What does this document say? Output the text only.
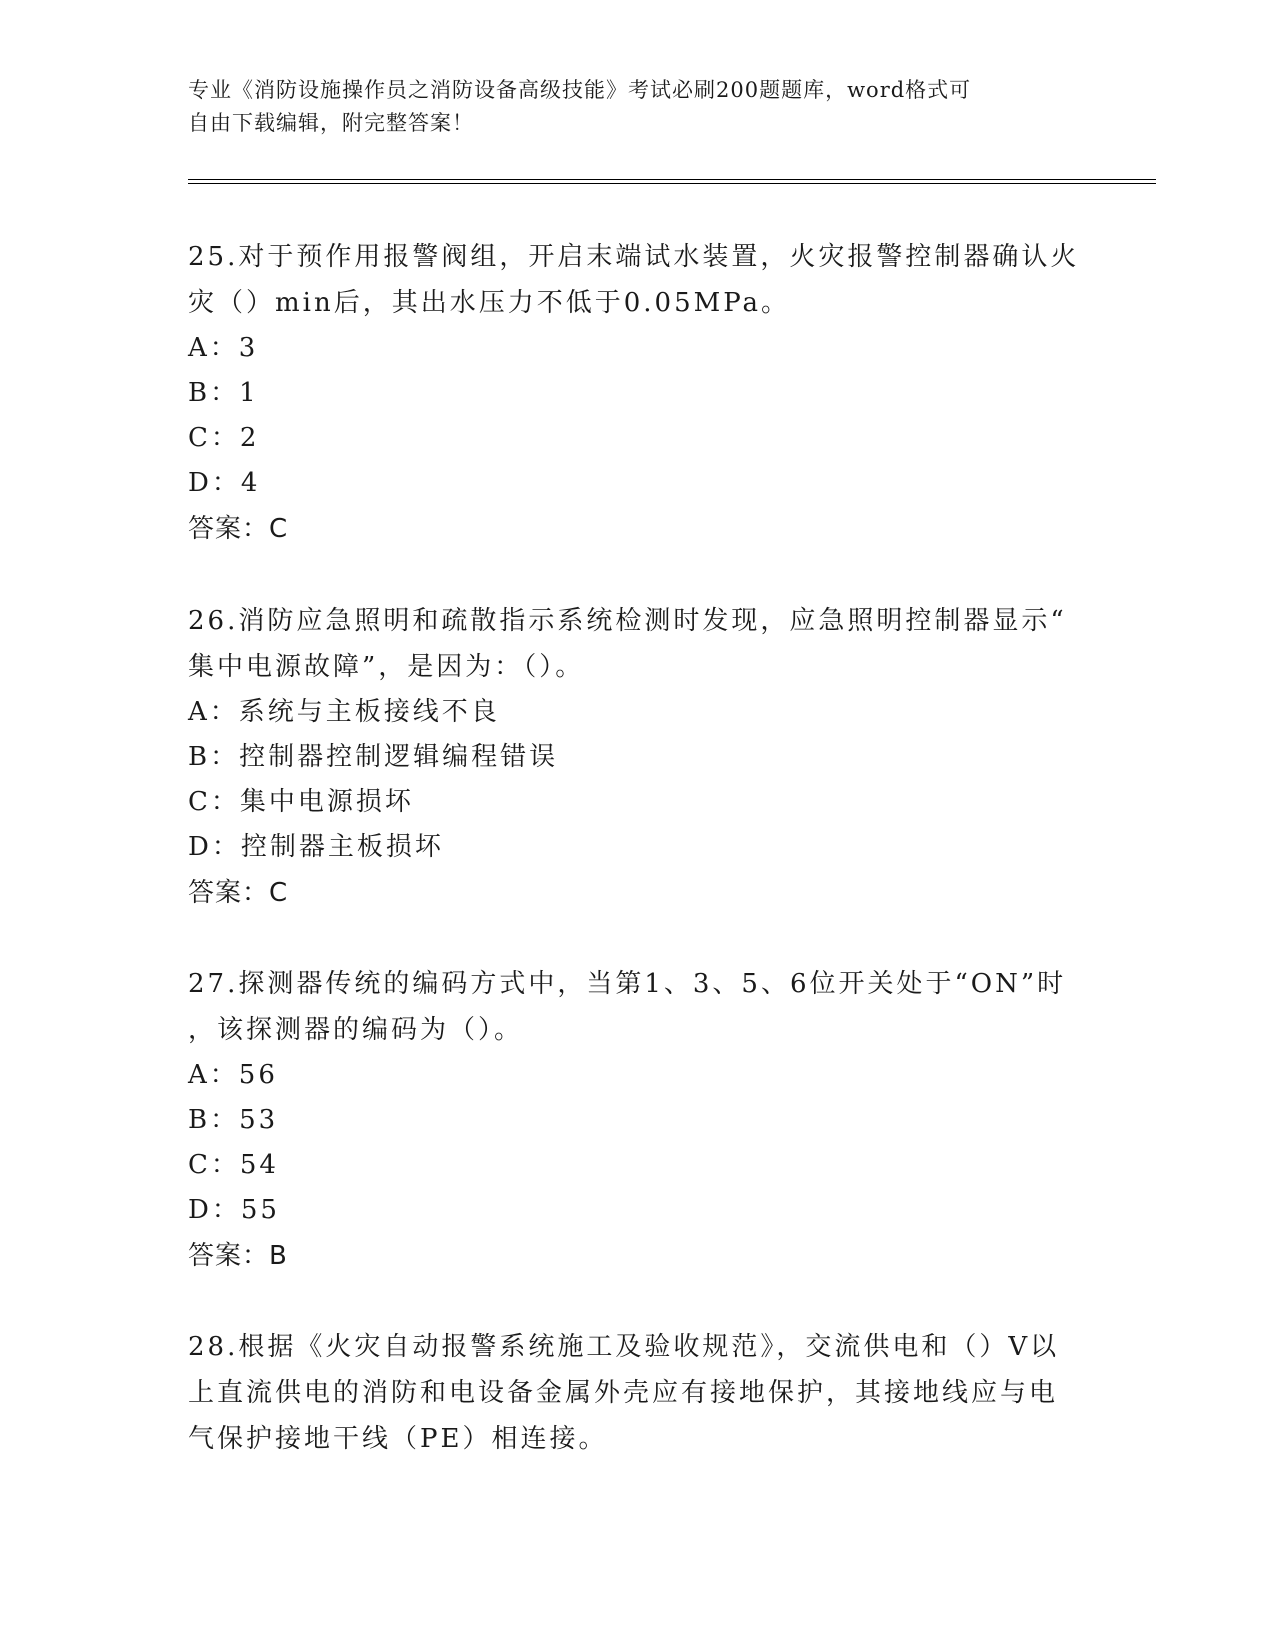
专业《消防设施操作员之消防设备高级技能》考试必刷200题题库，word格式可
自由下载编辑，附完整答案！
25.对于预作用报警阀组，开启末端试水装置，火灾报警控制器确认火
灾（）min后，其出水压力不低于0.05MPa。
A：3
B：1
C：2
D：4
答案：C
26.消防应急照明和疏散指示系统检测时发现，应急照明控制器显示“
集中电源故障”，是因为：（）。
A：系统与主板接线不良
B：控制器控制逻辑编程错误
C：集中电源损坏
D：控制器主板损坏
答案：C
27.探测器传统的编码方式中，当第1、3、5、6位开关处于“ON”时
，该探测器的编码为（）。
A：56
B：53
C：54
D：55
答案：B
28.根据《火灾自动报警系统施工及验收规范》，交流供电和（）V以
上直流供电的消防和电设备金属外壳应有接地保护，其接地线应与电
气保护接地干线（PE）相连接。
